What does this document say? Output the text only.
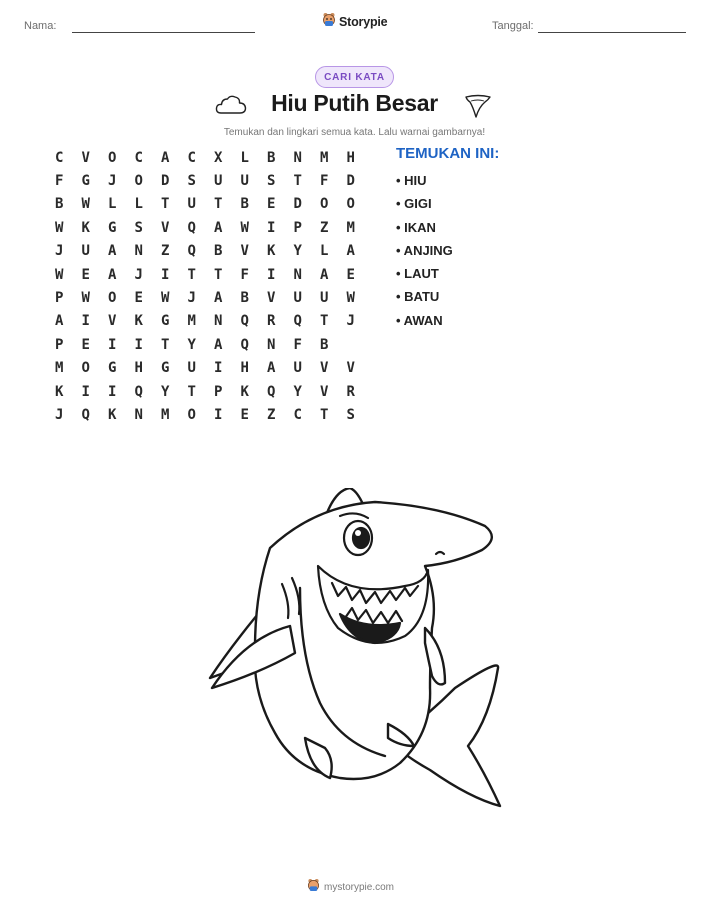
Nama:	Storypie	Tanggal:
CARI KATA
Hiu Putih Besar
Temukan dan lingkari semua kata. Lalu warnai gambarnya!
C	V	O	C	A	C	X	L	B	N	M	H
F	G	J	O	D	S	U	U	S	T	F	D
B	W	L	L	T	U	T	B	E	D	O	O
W	K	G	S	V	Q	A	W	I	P	Z	M
J	U	A	N	Z	Q	B	V	K	Y	L	A
W	E	A	J	I	T	T	F	I	N	A	E
P	W	O	E	W	J	A	B	V	U	U	W
A	I	V	K	G	M	N	Q	R	Q	T	J
P	E	I	I	T	Y	A	Q	N	F	B
M	O	G	H	G	U	I	H	A	U	V	V
K	I	I	Q	Y	T	P	K	Q	Y	V	R
J	Q	K	N	M	O	I	E	Z	C	T	S
TEMUKAN INI:
• HIU
• GIGI
• IKAN
• ANJING
• LAUT
• BATU
• AWAN
mystorypie.com
